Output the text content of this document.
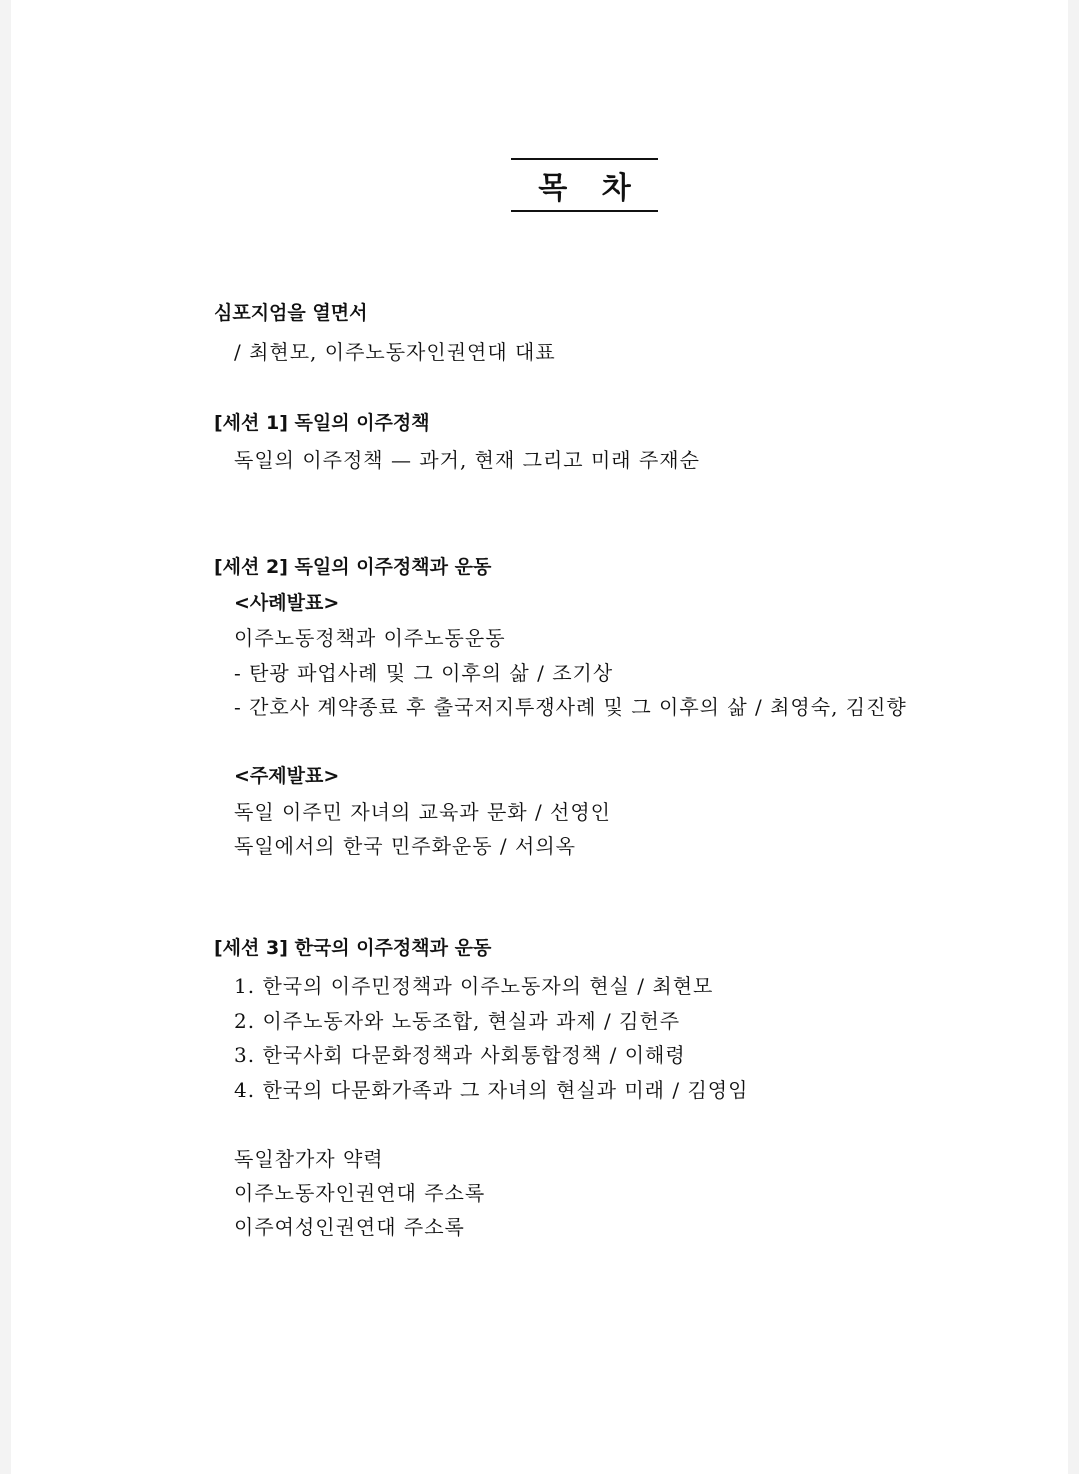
목 차
심포지엄을 열면서
/ 최현모, 이주노동자인권연대 대표
[세션 1] 독일의 이주정책
독일의 이주정책 — 과거, 현재 그리고 미래 주재순
[세션 2] 독일의 이주정책과 운동
<사례발표>
이주노동정책과 이주노동운동
- 탄광 파업사례 및 그 이후의 삶 / 조기상
- 간호사 계약종료 후 출국저지투쟁사례 및 그 이후의 삶 / 최영숙, 김진향
<주제발표>
독일 이주민 자녀의 교육과 문화 / 선영인
독일에서의 한국 민주화운동 / 서의옥
[세션 3] 한국의 이주정책과 운동
1. 한국의 이주민정책과 이주노동자의 현실 / 최현모
2. 이주노동자와 노동조합, 현실과 과제 / 김헌주
3. 한국사회 다문화정책과 사회통합정책 / 이해령
4. 한국의 다문화가족과 그 자녀의 현실과 미래 / 김영임
독일참가자 약력
이주노동자인권연대 주소록
이주여성인권연대 주소록
